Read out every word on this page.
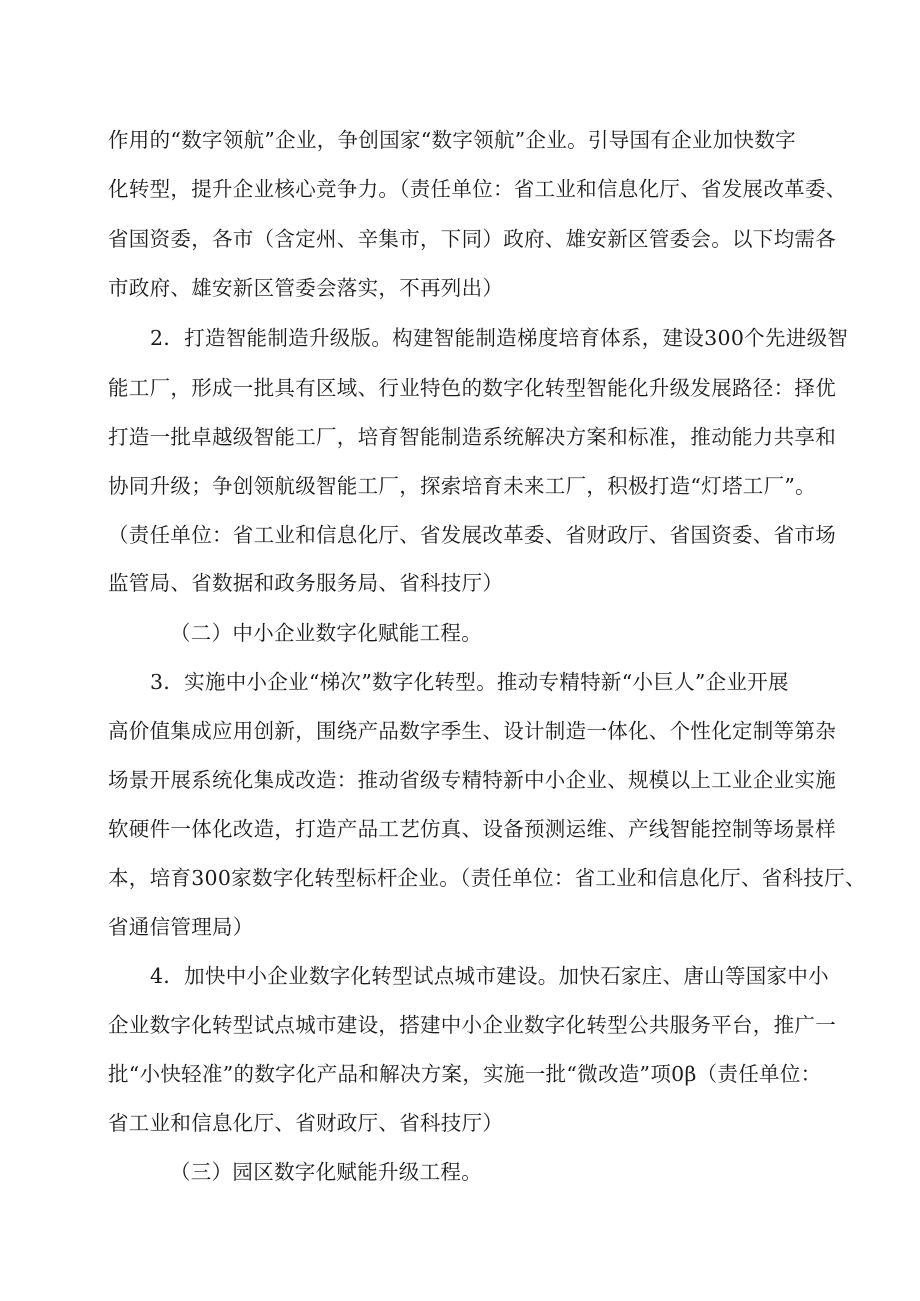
作用的“数字领航”企业，争创国家“数字领航”企业。引导国有企业加快数字
化转型，提升企业核心竞争力。（责任单位：省工业和信息化厅、省发展改革委、
省国资委，各市（含定州、辛集市，下同）政府、雄安新区管委会。以下均需各
市政府、雄安新区管委会落实，不再列出）
2．打造智能制造升级版。构建智能制造梯度培育体系，建设300个先进级智
能工厂，形成一批具有区域、行业特色的数字化转型智能化升级发展路径：择优
打造一批卓越级智能工厂，培育智能制造系统解决方案和标准，推动能力共享和
协同升级；争创领航级智能工厂，探索培育未来工厂，积极打造“灯塔工厂”。
（责任单位：省工业和信息化厅、省发展改革委、省财政厅、省国资委、省市场
监管局、省数据和政务服务局、省科技厅）
（二）中小企业数字化赋能工程。
3．实施中小企业“梯次”数字化转型。推动专精特新“小巨人”企业开展
高价值集成应用创新，围绕产品数字季生、设计制造一体化、个性化定制等第杂
场景开展系统化集成改造：推动省级专精特新中小企业、规模以上工业企业实施
软硬件一体化改造，打造产品工艺仿真、设备预测运维、产线智能控制等场景样
本，培育300家数字化转型标杆企业。（责任单位：省工业和信息化厅、省科技厅、
省通信管理局）
4．加快中小企业数字化转型试点城市建设。加快石家庄、唐山等国家中小
企业数字化转型试点城市建设，搭建中小企业数字化转型公共服务平台，推广一
批“小快轻准”的数字化产品和解决方案，实施一批“微改造”项0β（责任单位：
省工业和信息化厅、省财政厅、省科技厅）
（三）园区数字化赋能升级工程。
